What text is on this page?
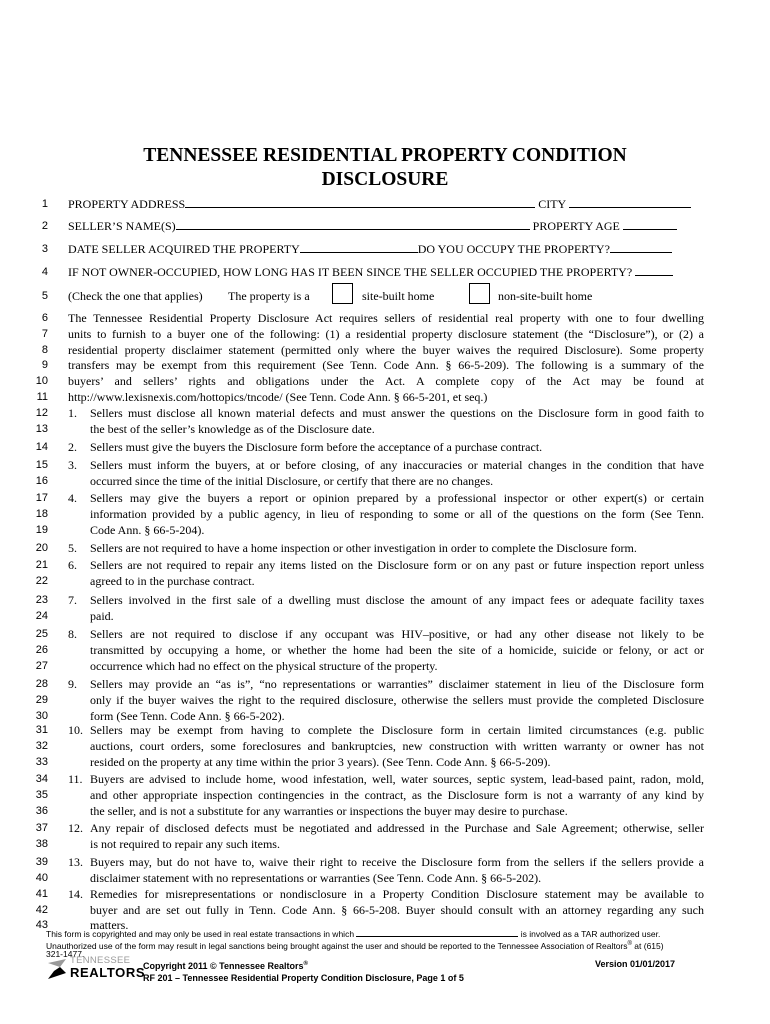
TENNESSEE RESIDENTIAL PROPERTY CONDITION
DISCLOSURE
1 PROPERTY ADDRESS	CITY
2 SELLER’S NAME(S)	PROPERTY AGE
3 DATE SELLER ACQUIRED THE PROPERTY	DO YOU OCCUPY THE PROPERTY?
4 IF NOT OWNER-OCCUPIED, HOW LONG HAS IT BEEN SINCE THE SELLER OCCUPIED THE PROPERTY?
5 (Check the one that applies) The property is a	site-built home	non-site-built home
6 The Tennessee Residential Property Disclosure Act requires sellers of residential real property with one to four dwelling
7 units to furnish to a buyer one of the following: (1) a residential property disclosure statement (the “Disclosure”), or (2) a
8 residential property disclaimer statement (permitted only where the buyer waives the required Disclosure). Some property
9 transfers may be exempt from this requirement (See Tenn. Code Ann. § 66-5-209). The following is a summary of the
10 buyers’ and sellers’ rights and obligations under the Act. A complete copy of the Act may be found at
11 http://www.lexisnexis.com/hottopics/tncode/ (See Tenn. Code Ann. § 66-5-201, et seq.)
12 1.	Sellers must disclose all known material defects and must answer the questions on the Disclosure form in good faith to
13	the best of the seller’s knowledge as of the Disclosure date.
14 2.	Sellers must give the buyers the Disclosure form before the acceptance of a purchase contract.
15 3.	Sellers must inform the buyers, at or before closing, of any inaccuracies or material changes in the condition that have
16	occurred since the time of the initial Disclosure, or certify that there are no changes.
17 4.	Sellers may give the buyers a report or opinion prepared by a professional inspector or other expert(s) or certain
18	information provided by a public agency, in lieu of responding to some or all of the questions on the form (See Tenn.
19	Code Ann. § 66-5-204).
20 5.	Sellers are not required to have a home inspection or other investigation in order to complete the Disclosure form.
21 6.	Sellers are not required to repair any items listed on the Disclosure form or on any past or future inspection report unless
22	agreed to in the purchase contract.
23 7.	Sellers involved in the first sale of a dwelling must disclose the amount of any impact fees or adequate facility taxes
24	paid.
25 8.	Sellers are not required to disclose if any occupant was HIV–positive, or had any other disease not likely to be
26	transmitted by occupying a home, or whether the home had been the site of a homicide, suicide or felony, or act or
27	occurrence which had no effect on the physical structure of the property.
28 9.	Sellers may provide an “as is”, “no representations or warranties” disclaimer statement in lieu of the Disclosure form
29	only if the buyer waives the right to the required disclosure, otherwise the sellers must provide the completed Disclosure
30	form (See Tenn. Code Ann. § 66-5-202).
31 10. Sellers may be exempt from having to complete the Disclosure form in certain limited circumstances (e.g. public
32	auctions, court orders, some foreclosures and bankruptcies, new construction with written warranty or owner has not
33	resided on the property at any time within the prior 3 years). (See Tenn. Code Ann. § 66-5-209).
34 11. Buyers are advised to include home, wood infestation, well, water sources, septic system, lead-based paint, radon, mold,
35	and other appropriate inspection contingencies in the contract, as the Disclosure form is not a warranty of any kind by
36	the seller, and is not a substitute for any warranties or inspections the buyer may desire to purchase.
37 12. Any repair of disclosed defects must be negotiated and addressed in the Purchase and Sale Agreement; otherwise, seller
38	is not required to repair any such items.
39 13. Buyers may, but do not have to, waive their right to receive the Disclosure form from the sellers if the sellers provide a
40	disclaimer statement with no representations or warranties (See Tenn. Code Ann. § 66-5-202).
41 14. Remedies for misrepresentations or nondisclosure in a Property Condition Disclosure statement may be available to
42	buyer and are set out fully in Tenn. Code Ann. § 66-5-208. Buyer should consult with an attorney regarding any such
43	matters.
This form is copyrighted and may only be used in real estate transactions in which	is involved as a TAR authorized user.
Unauthorized use of the form may result in legal sanctions being brought against the user and should be reported to the Tennessee Association of Realtors® at (615)
321-1477.
TENNESSEE
REALTORS
Copyright 2011 © Tennessee Realtors®
RF 201 – Tennessee Residential Property Condition Disclosure, Page 1 of 5
Version 01/01/2017
